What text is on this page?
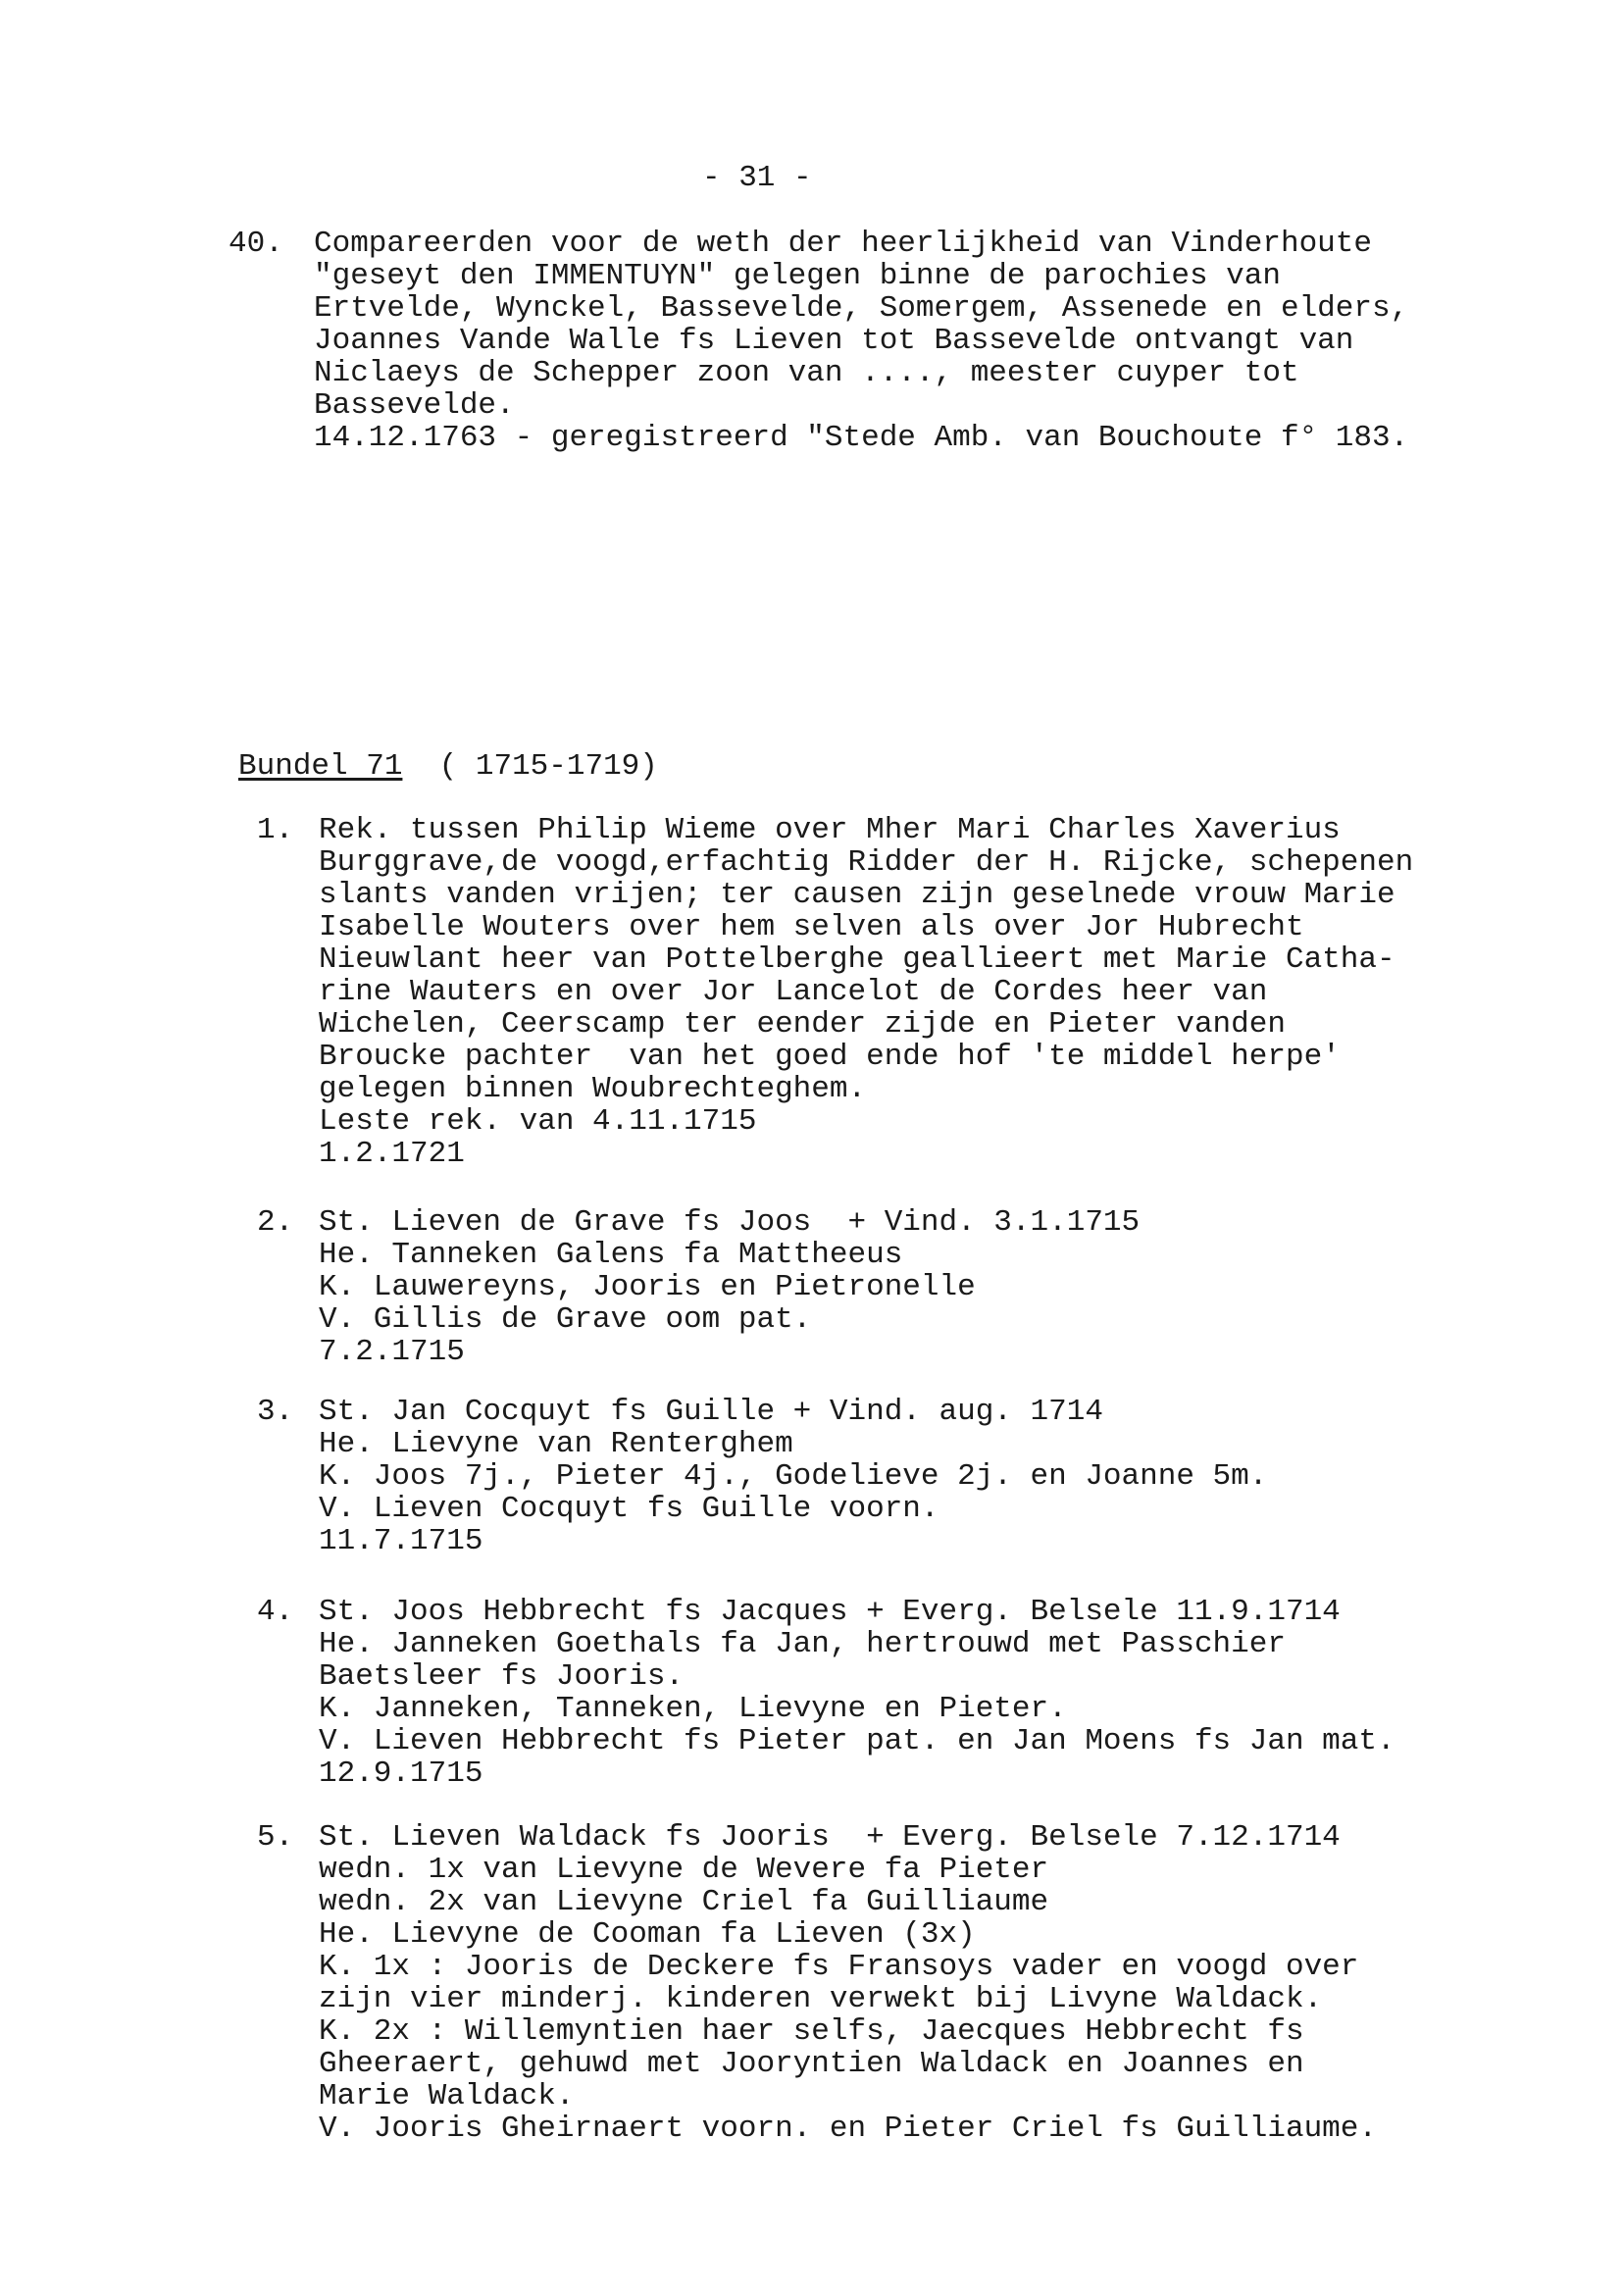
- 31 -
40. Compareerden voor de weth der heerlijkheid van Vinderhoute
"geseyt den IMMENTUYN" gelegen binne de parochies van
Ertvelde, Wynckel, Bassevelde, Somergem, Assenede en elders,
Joannes Vande Walle fs Lieven tot Bassevelde ontvangt van
Niclaeys de Schepper zoon van ...., meester cuyper tot
Bassevelde.
14.12.1763 - geregistreerd "Stede Amb. van Bouchoute f° 183.
Bundel 71 ( 1715-1719)
1. Rek. tussen Philip Wieme over Mher Mari Charles Xaverius
Burggrave,de voogd,erfachtig Ridder der H. Rijcke, schepenen
slants vanden vrijen; ter causen zijn geselnede vrouw Marie
Isabelle Wouters over hem selven als over Jor Hubrecht
Nieuwlant heer van Pottelberghe geallieert met Marie Catha-
rine Wauters en over Jor Lancelot de Cordes heer van
Wichelen, Ceerscamp ter eender zijde en Pieter vanden
Broucke pachter  van het goed ende hof 'te middel herpe'
gelegen binnen Woubrechteghem.
Leste rek. van 4.11.1715
1.2.1721
2. St. Lieven de Grave fs Joos  + Vind. 3.1.1715
He. Tanneken Galens fa Mattheeus
K. Lauwereyns, Jooris en Pietronelle
V. Gillis de Grave oom pat.
7.2.1715
3. St. Jan Cocquyt fs Guille + Vind. aug. 1714
He. Lievyne van Renterghem
K. Joos 7j., Pieter 4j., Godelieve 2j. en Joanne 5m.
V. Lieven Cocquyt fs Guille voorn.
11.7.1715
4. St. Joos Hebbrecht fs Jacques + Everg. Belsele 11.9.1714
He. Janneken Goethals fa Jan, hertrouwd met Passchier
Baetsleer fs Jooris.
K. Janneken, Tanneken, Lievyne en Pieter.
V. Lieven Hebbrecht fs Pieter pat. en Jan Moens fs Jan mat.
12.9.1715
5. St. Lieven Waldack fs Jooris  + Everg. Belsele 7.12.1714
wedn. 1x van Lievyne de Wevere fa Pieter
wedn. 2x van Lievyne Criel fa Guilliaume
He. Lievyne de Cooman fa Lieven (3x)
K. 1x : Jooris de Deckere fs Fransoys vader en voogd over
zijn vier minderj. kinderen verwekt bij Livyne Waldack.
K. 2x : Willemyntien haer selfs, Jaecques Hebbrecht fs
Gheeraert, gehuwd met Jooryntien Waldack en Joannes en
Marie Waldack.
V. Jooris Gheirnaert voorn. en Pieter Criel fs Guilliaume.
